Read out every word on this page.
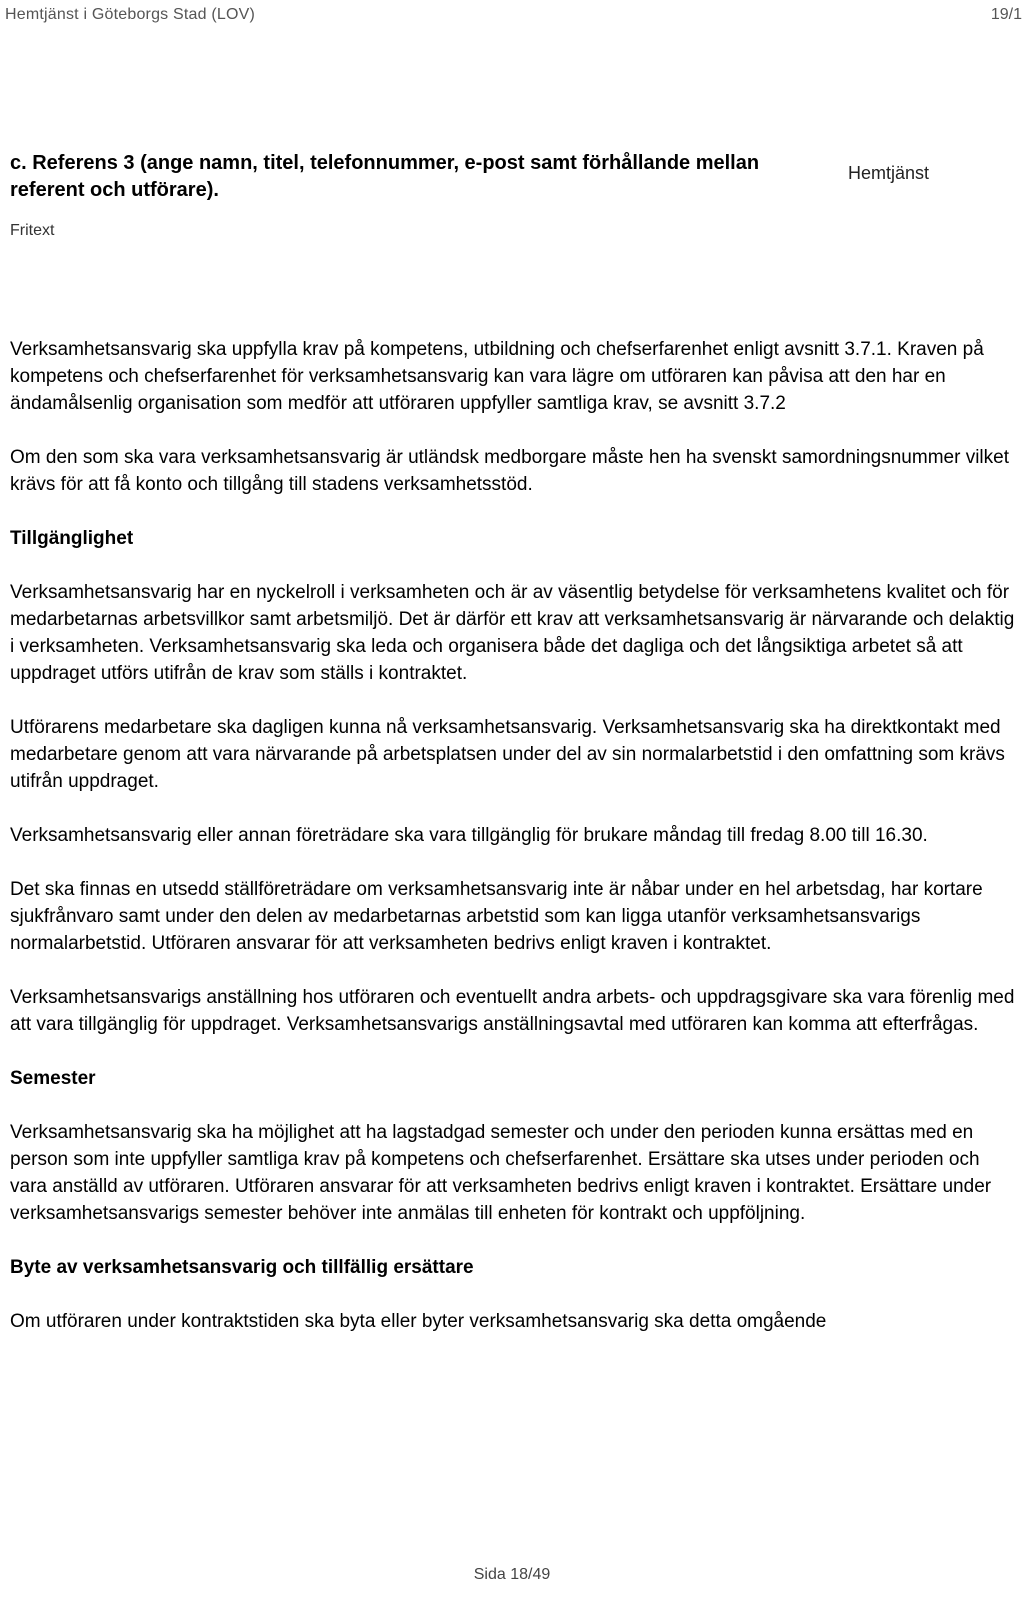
Hemtjänst i Göteborgs Stad (LOV)	19/1
c. Referens 3 (ange namn, titel, telefonnummer, e-post samt förhållande mellan referent och utförare).
Hemtjänst
Fritext

Verksamhetsansvarig ska uppfylla krav på kompetens, utbildning och chefserfarenhet enligt avsnitt 3.7.1. Kraven på kompetens och chefserfarenhet för verksamhetsansvarig kan vara lägre om utföraren kan påvisa att den har en ändamålsenlig organisation som medför att utföraren uppfyller samtliga krav, se avsnitt 3.7.2

Om den som ska vara verksamhetsansvarig är utländsk medborgare måste hen ha svenskt samordningsnummer vilket krävs för att få konto och tillgång till stadens verksamhetsstöd.

Tillgänglighet

Verksamhetsansvarig har en nyckelroll i verksamheten och är av väsentlig betydelse för verksamhetens kvalitet och för medarbetarnas arbetsvillkor samt arbetsmiljö. Det är därför ett krav att verksamhetsansvarig är närvarande och delaktig i verksamheten. Verksamhetsansvarig ska leda och organisera både det dagliga och det långsiktiga arbetet så att uppdraget utförs utifrån de krav som ställs i kontraktet.

Utförarens medarbetare ska dagligen kunna nå verksamhetsansvarig. Verksamhetsansvarig ska ha direktkontakt med medarbetare genom att vara närvarande på arbetsplatsen under del av sin normalarbetstid i den omfattning som krävs utifrån uppdraget.

Verksamhetsansvarig eller annan företrädare ska vara tillgänglig för brukare måndag till fredag 8.00 till 16.30.

Det ska finnas en utsedd ställföreträdare om verksamhetsansvarig inte är nåbar under en hel arbetsdag, har kortare sjukfrånvaro samt under den delen av medarbetarnas arbetstid som kan ligga utanför verksamhetsansvarigs normalarbetstid. Utföraren ansvarar för att verksamheten bedrivs enligt kraven i kontraktet.

Verksamhetsansvarigs anställning hos utföraren och eventuellt andra arbets- och uppdragsgivare ska vara förenlig med att vara tillgänglig för uppdraget. Verksamhetsansvarigs anställningsavtal med utföraren kan komma att efterfrågas.

Semester

Verksamhetsansvarig ska ha möjlighet att ha lagstadgad semester och under den perioden kunna ersättas med en person som inte uppfyller samtliga krav på kompetens och chefserfarenhet. Ersättare ska utses under perioden och vara anställd av utföraren. Utföraren ansvarar för att verksamheten bedrivs enligt kraven i kontraktet. Ersättare under verksamhetsansvarigs semester behöver inte anmälas till enheten för kontrakt och uppföljning.

Byte av verksamhetsansvarig och tillfällig ersättare

Om utföraren under kontraktstiden ska byta eller byter verksamhetsansvarig ska detta omgående

Sida 18/49
